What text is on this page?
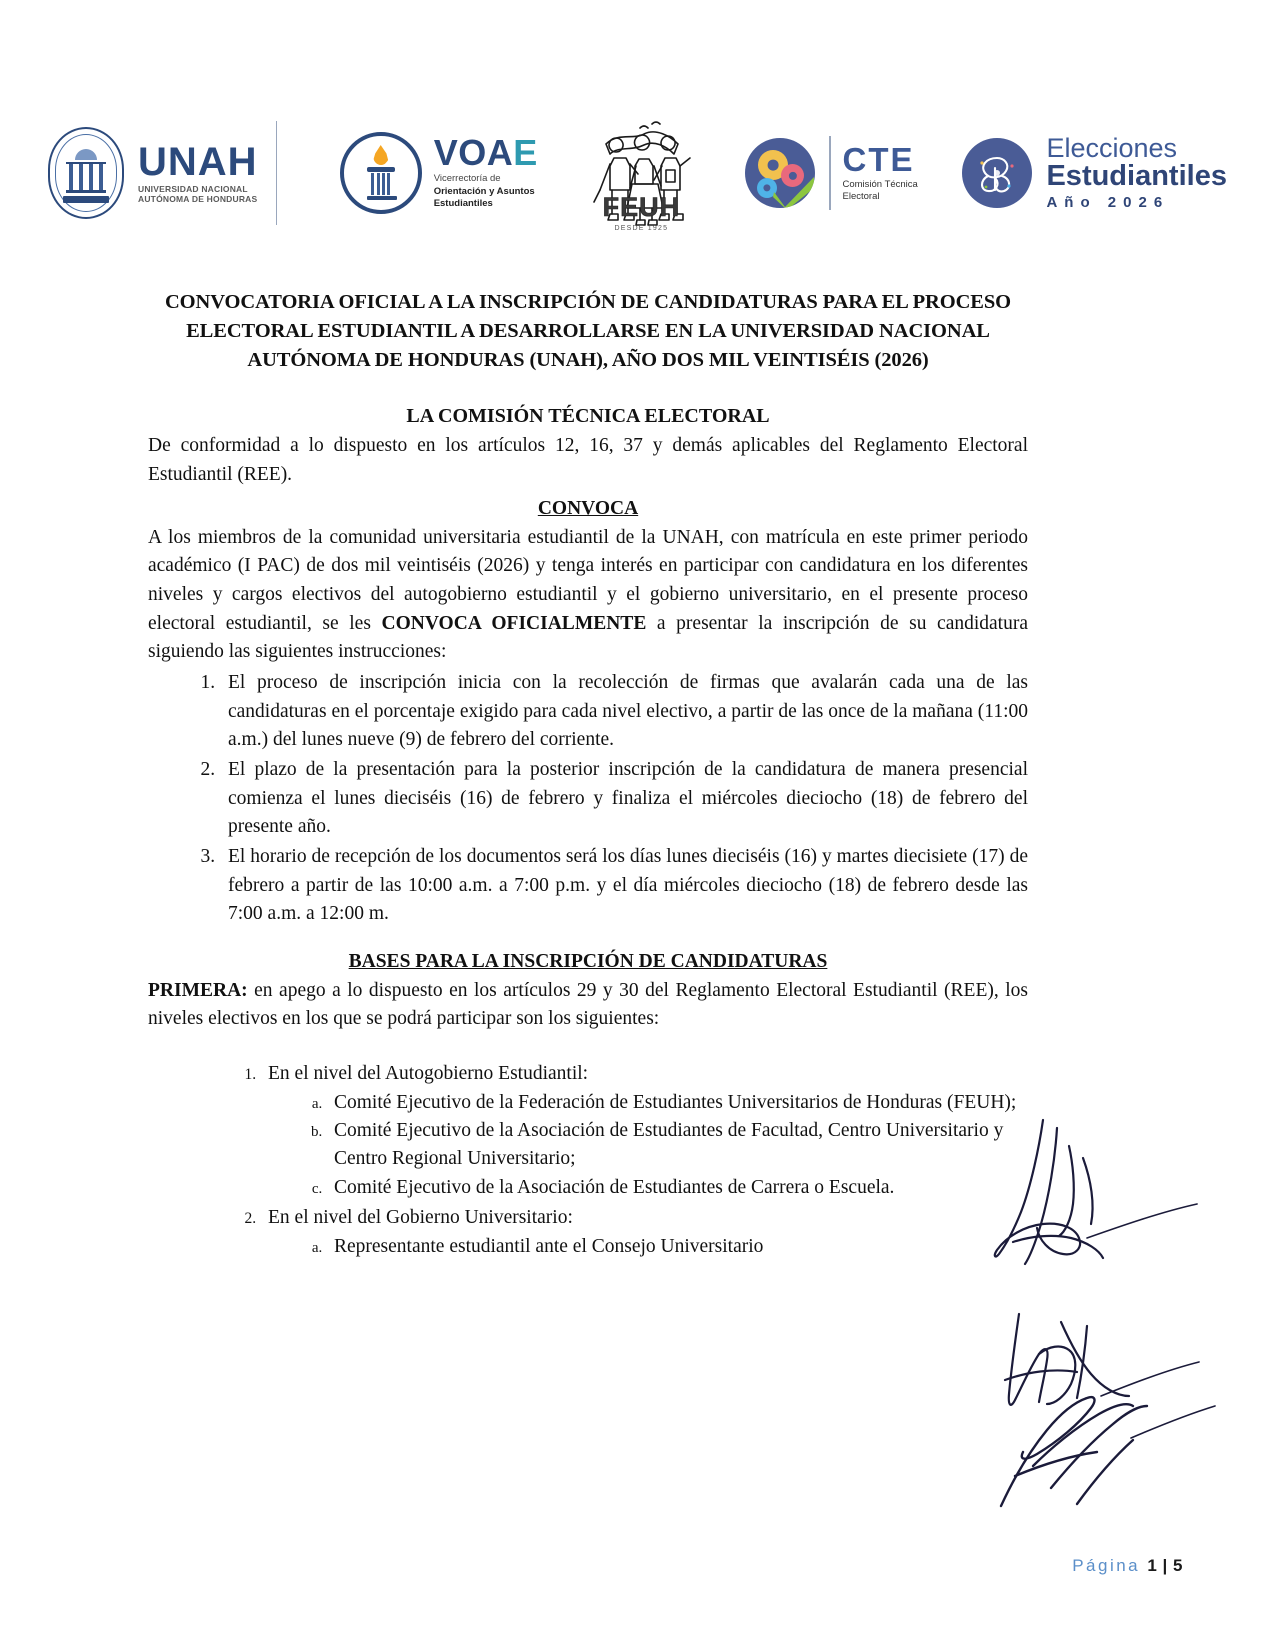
UNAH
UNIVERSIDAD NACIONAL
AUTÓNOMA DE HONDURAS
VOAE
Vicerrectoría de
Orientación y Asuntos
Estudiantiles	FEUH
DESDE 1925
CTE
Comisión Técnica
Electoral
Elecciones
Estudiantiles
Año 2026
CONVOCATORIA OFICIAL A LA INSCRIPCIÓN DE CANDIDATURAS PARA EL PROCESO ELECTORAL ESTUDIANTIL A DESARROLLARSE EN LA UNIVERSIDAD NACIONAL AUTÓNOMA DE HONDURAS (UNAH), AÑO DOS MIL VEINTISÉIS (2026)
LA COMISIÓN TÉCNICA ELECTORAL

De conformidad a lo dispuesto en los artículos 12, 16, 37 y demás aplicables del Reglamento Electoral Estudiantil (REE).

CONVOCA

A los miembros de la comunidad universitaria estudiantil de la UNAH, con matrícula en este primer periodo académico (I PAC) de dos mil veintiséis (2026) y tenga interés en participar con candidatura en los diferentes niveles y cargos electivos del autogobierno estudiantil y el gobierno universitario, en el presente proceso electoral estudiantil, se les CONVOCA OFICIALMENTE a presentar la inscripción de su candidatura siguiendo las siguientes instrucciones:

1. El proceso de inscripción inicia con la recolección de firmas que avalarán cada una de las candidaturas en el porcentaje exigido para cada nivel electivo, a partir de las once de la mañana (11:00 a.m.) del lunes nueve (9) de febrero del corriente.
2. El plazo de la presentación para la posterior inscripción de la candidatura de manera presencial comienza el lunes dieciséis (16) de febrero y finaliza el miércoles dieciocho (18) de febrero del presente año.
3. El horario de recepción de los documentos será los días lunes dieciséis (16) y martes diecisiete (17) de febrero a partir de las 10:00 a.m. a 7:00 p.m. y el día miércoles dieciocho (18) de febrero desde las 7:00 a.m. a 12:00 m.
BASES PARA LA INSCRIPCIÓN DE CANDIDATURAS

PRIMERA: en apego a lo dispuesto en los artículos 29 y 30 del Reglamento Electoral Estudiantil (REE), los niveles electivos en los que se podrá participar son los siguientes:

1. En el nivel del Autogobierno Estudiantil:
a. Comité Ejecutivo de la Federación de Estudiantes Universitarios de Honduras (FEUH);
b. Comité Ejecutivo de la Asociación de Estudiantes de Facultad, Centro Universitario y Centro Regional Universitario;
c. Comité Ejecutivo de la Asociación de Estudiantes de Carrera o Escuela.
2. En el nivel del Gobierno Universitario:
a. Representante estudiantil ante el Consejo Universitario
Página 1 | 5
